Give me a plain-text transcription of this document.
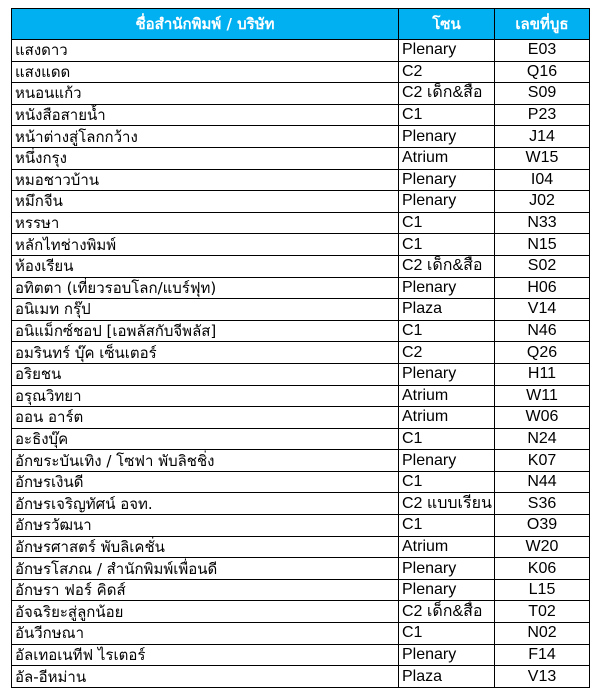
ชื่อสำนักพิมพ์ / บริษัท	โซน	เลขที่บูธ
แสงดาว	Plenary	E03
แสงแดด	C2	Q16
หนอนแก้ว	C2 เด็ก&สื่อ	S09
หนังสือสายน้ำ	C1	P23
หน้าต่างสู่โลกกว้าง	Plenary	J14
หนึ่งกรุง	Atrium	W15
หมอชาวบ้าน	Plenary	I04
หมึกจีน	Plenary	J02
หรรษา	C1	N33
หลักไทช่างพิมพ์	C1	N15
ห้องเรียน	C2 เด็ก&สื่อ	S02
อทิตตา (เที่ยวรอบโลก/แบร์ฟุท)	Plenary	H06
อนิเมท กรุ๊ป	Plaza	V14
อนิแม็กซ์ชอป [เอพลัสกับจีพลัส]	C1	N46
อมรินทร์ บุ๊ค เซ็นเตอร์	C2	Q26
อริยชน	Plenary	H11
อรุณวิทยา	Atrium	W11
ออน อาร์ต	Atrium	W06
อะธิงบุ๊ค	C1	N24
อักขระบันเทิง / โซฟา พับลิชชิ่ง	Plenary	K07
อักษรเงินดี	C1	N44
อักษรเจริญทัศน์ อจท.	C2 แบบเรียน	S36
อักษรวัฒนา	C1	O39
อักษรศาสตร์ พับลิเคชั่น	Atrium	W20
อักษรโสภณ / สำนักพิมพ์เพื่อนดี	Plenary	K06
อักษรา ฟอร์ คิดส์	Plenary	L15
อัจฉริยะสู่ลูกน้อย	C2 เด็ก&สื่อ	T02
อันวีกษณา	C1	N02
อัลเทอเนทีฟ ไรเตอร์	Plenary	F14
อัล-อีหม่าน	Plaza	V13
